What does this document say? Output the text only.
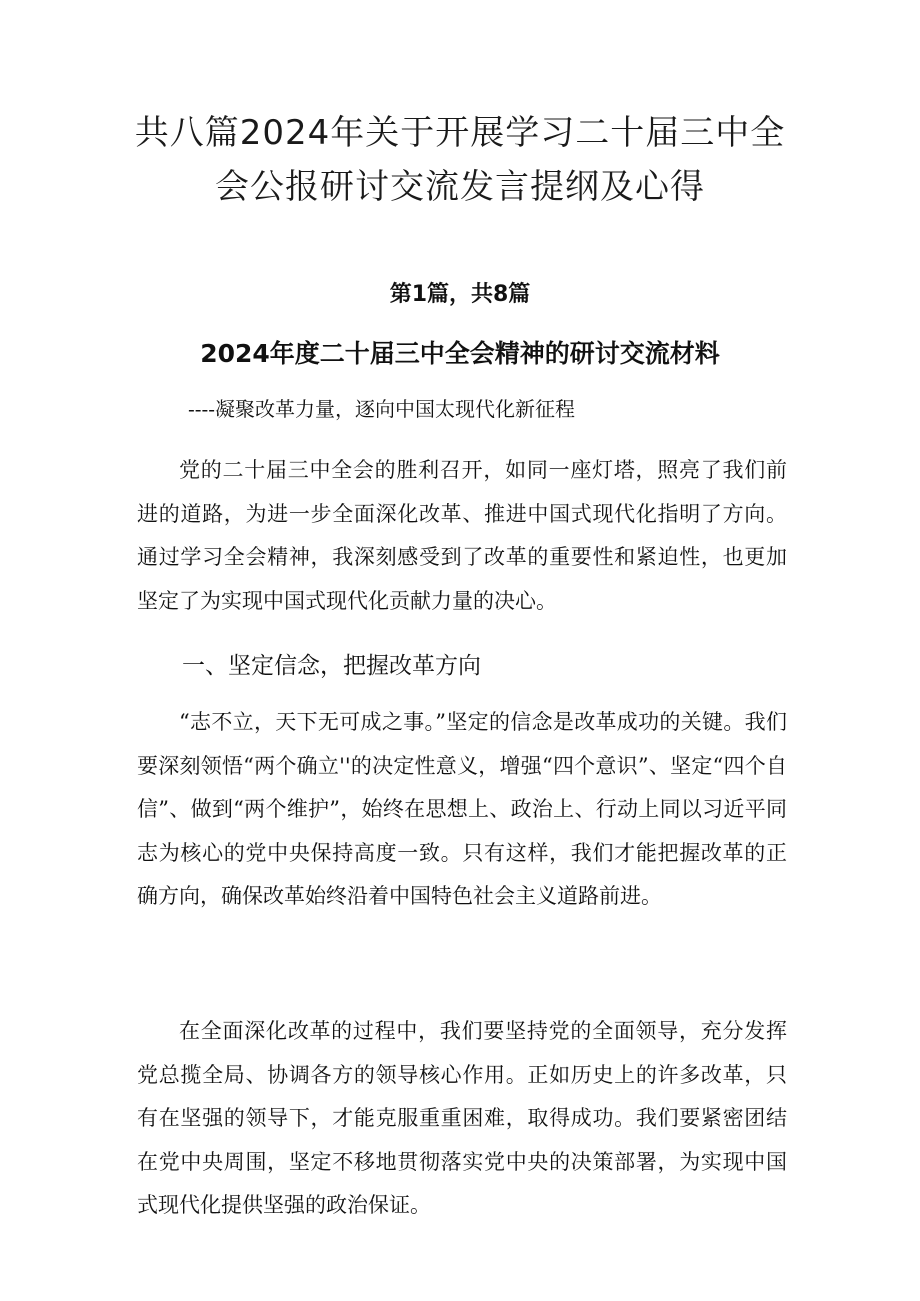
共八篇2024年关于开展学习二十届三中全
会公报研讨交流发言提纲及心得
第1篇，共8篇
2024年度二十届三中全会精神的研讨交流材料
----凝聚改革力量，逐向中国太现代化新征程

党的二十届三中全会的胜利召开，如同一座灯塔，照亮了我们前进的道路，为进一步全面深化改革、推进中国式现代化指明了方向。通过学习全会精神，我深刻感受到了改革的重要性和紧迫性，也更加坚定了为实现中国式现代化贡献力量的决心。

一、坚定信念，把握改革方向

“志不立，天下无可成之事。”坚定的信念是改革成功的关键。我们要深刻领悟“两个确立''的决定性意义，增强“四个意识”、坚定“四个自信”、做到“两个维护”，始终在思想上、政治上、行动上同以习近平同志为核心的党中央保持高度一致。只有这样，我们才能把握改革的正确方向，确保改革始终沿着中国特色社会主义道路前进。

在全面深化改革的过程中，我们要坚持党的全面领导，充分发挥党总揽全局、协调各方的领导核心作用。正如历史上的许多改革，只有在坚强的领导下，才能克服重重困难，取得成功。我们要紧密团结在党中央周围，坚定不移地贯彻落实党中央的决策部署，为实现中国式现代化提供坚强的政治保证。
